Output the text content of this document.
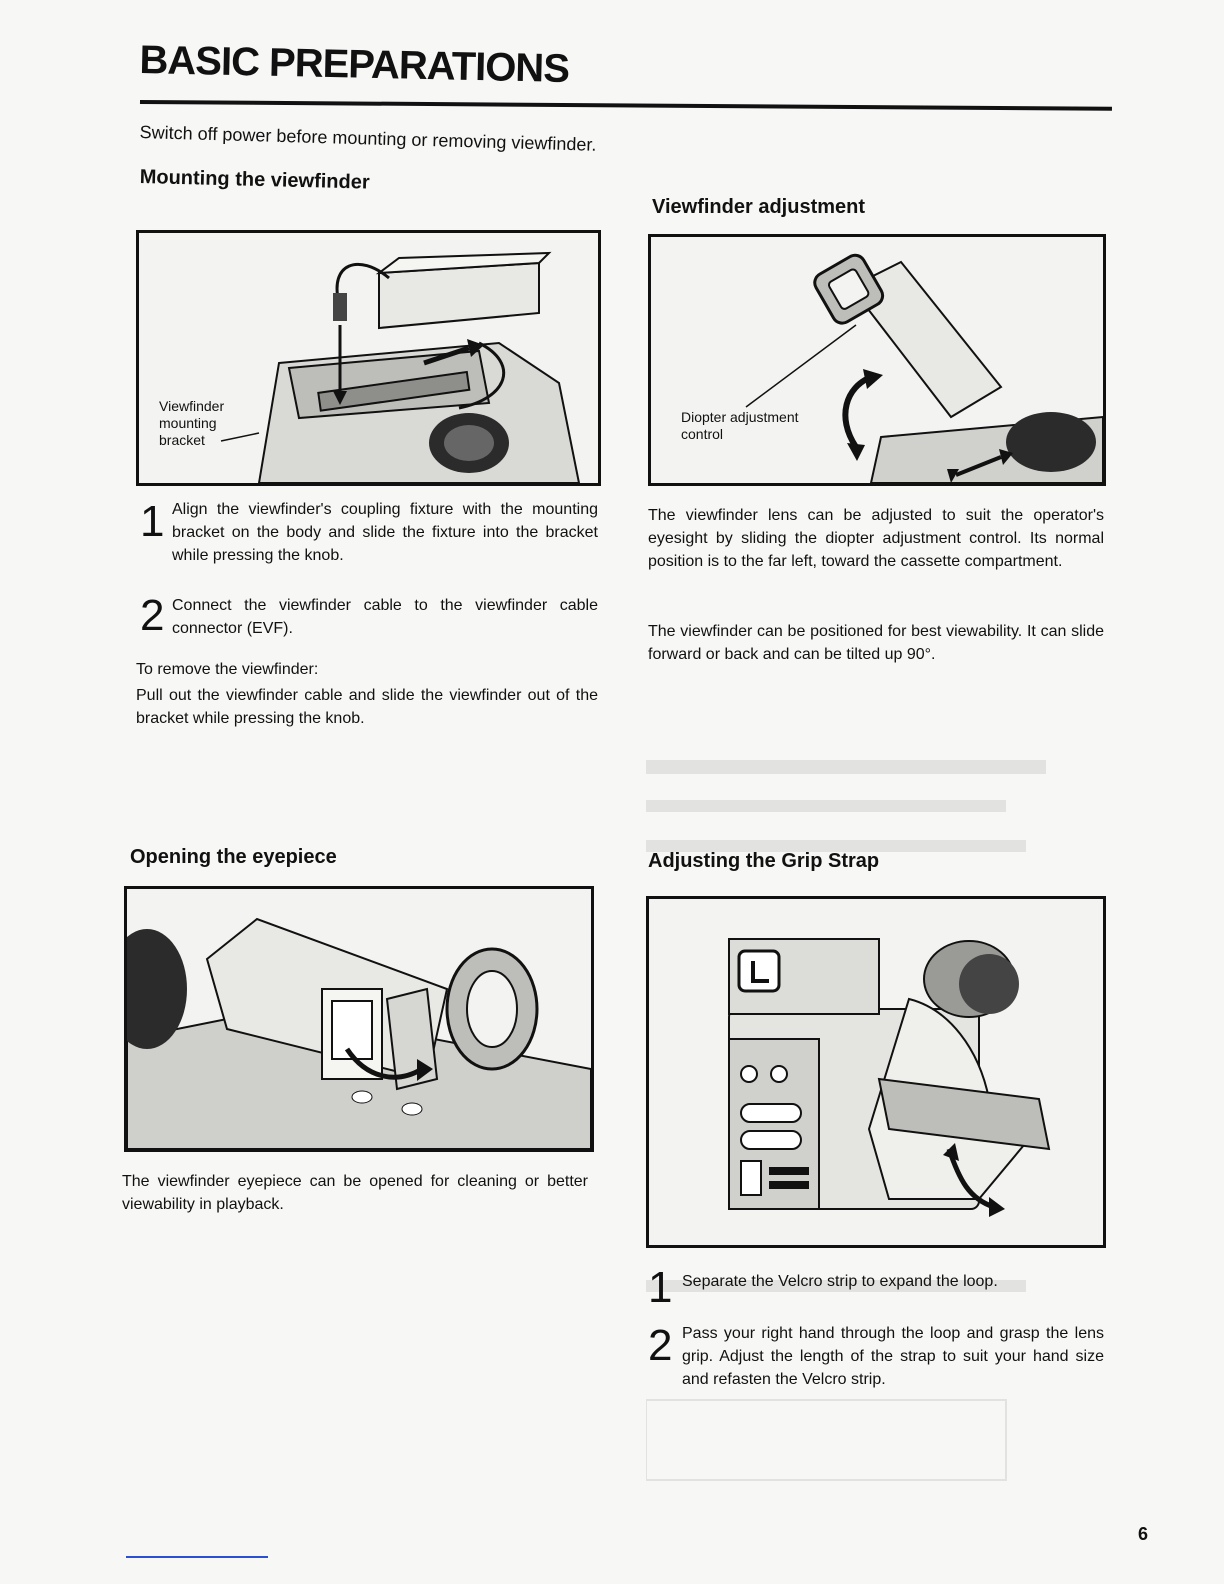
BASIC PREPARATIONS
Switch off power before mounting or removing viewfinder.
Mounting the viewfinder
Viewfinder mounting bracket
1 Align the viewfinder's coupling fixture with the mounting bracket on the body and slide the fixture into the bracket while pressing the knob.
2 Connect the viewfinder cable to the viewfinder cable connector (EVF).
To remove the viewfinder:
Pull out the viewfinder cable and slide the viewfinder out of the bracket while pressing the knob.
Viewfinder adjustment
Diopter adjustment control
The viewfinder lens can be adjusted to suit the operator's eyesight by sliding the diopter adjustment control. Its normal position is to the far left, toward the cassette compartment.
The viewfinder can be positioned for best viewability. It can slide forward or back and can be tilted up 90°.
Opening the eyepiece
The viewfinder eyepiece can be opened for cleaning or better viewability in playback.
Adjusting the Grip Strap
1 Separate the Velcro strip to expand the loop.
2 Pass your right hand through the loop and grasp the lens grip. Adjust the length of the strap to suit your hand size and refasten the Velcro strip.
6
